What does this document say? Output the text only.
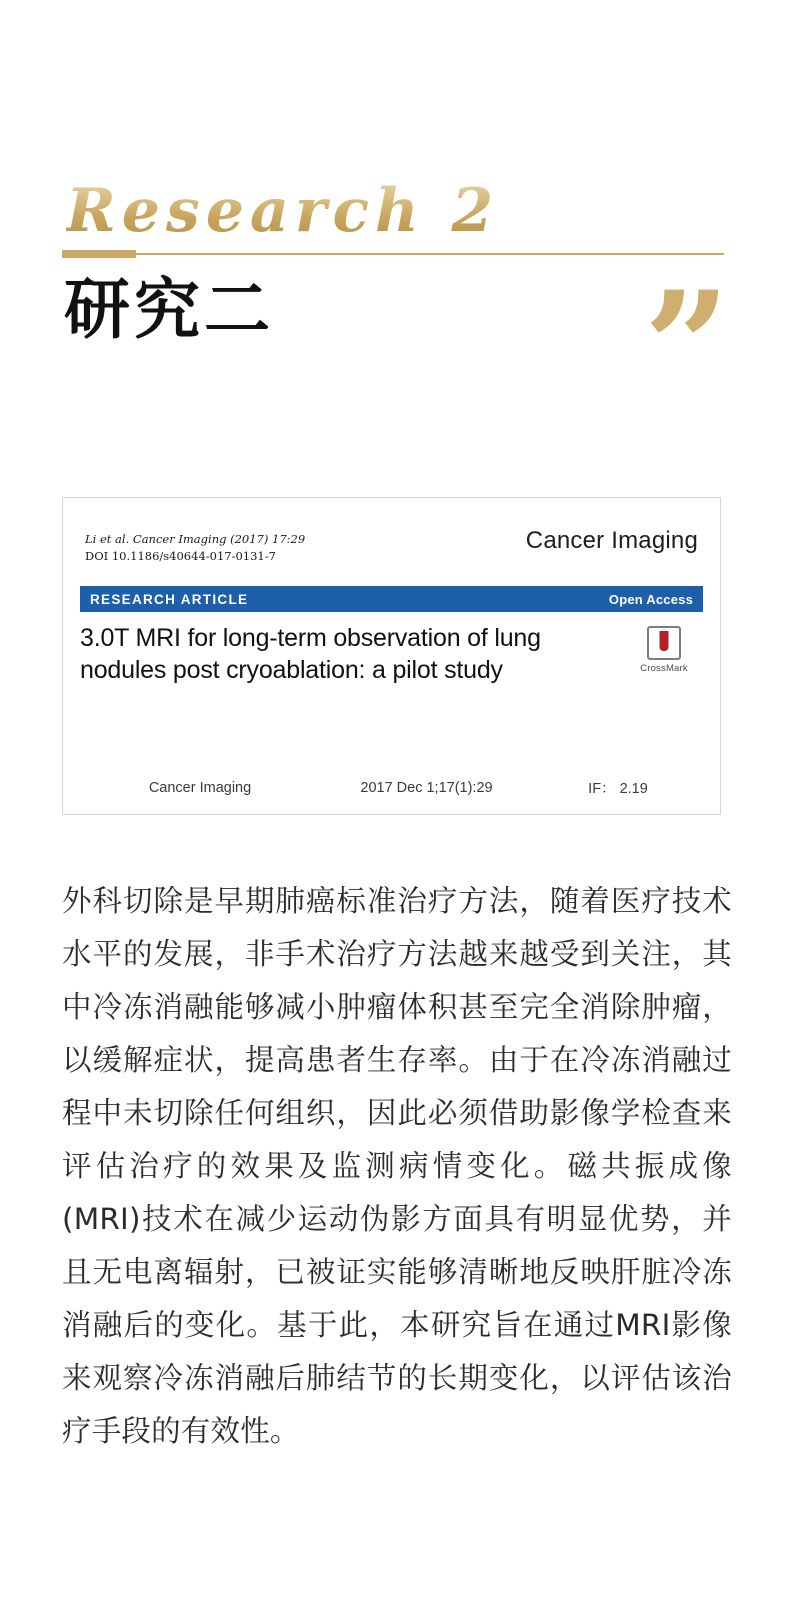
Research 2
研究二	”
Li et al. Cancer Imaging (2017) 17:29
DOI 10.1186/s40644-017-0131-7
Cancer Imaging
RESEARCH ARTICLE	Open Access
3.0T MRI for long-term observation of lung nodules post cryoablation: a pilot study	CrossMark
Cancer Imaging	2017 Dec 1;17(1):29	IF： 2.19
外科切除是早期肺癌标准治疗方法，随着医疗技术水平的发展，非手术治疗方法越来越受到关注，其中冷冻消融能够减小肿瘤体积甚至完全消除肿瘤，以缓解症状，提高患者生存率。由于在冷冻消融过程中未切除任何组织，因此必须借助影像学检查来评估治疗的效果及监测病情变化。磁共振成像(MRI)技术在减少运动伪影方面具有明显优势，并且无电离辐射，已被证实能够清晰地反映肝脏冷冻消融后的变化。基于此，本研究旨在通过MRI影像来观察冷冻消融后肺结节的长期变化，以评估该治疗手段的有效性。
